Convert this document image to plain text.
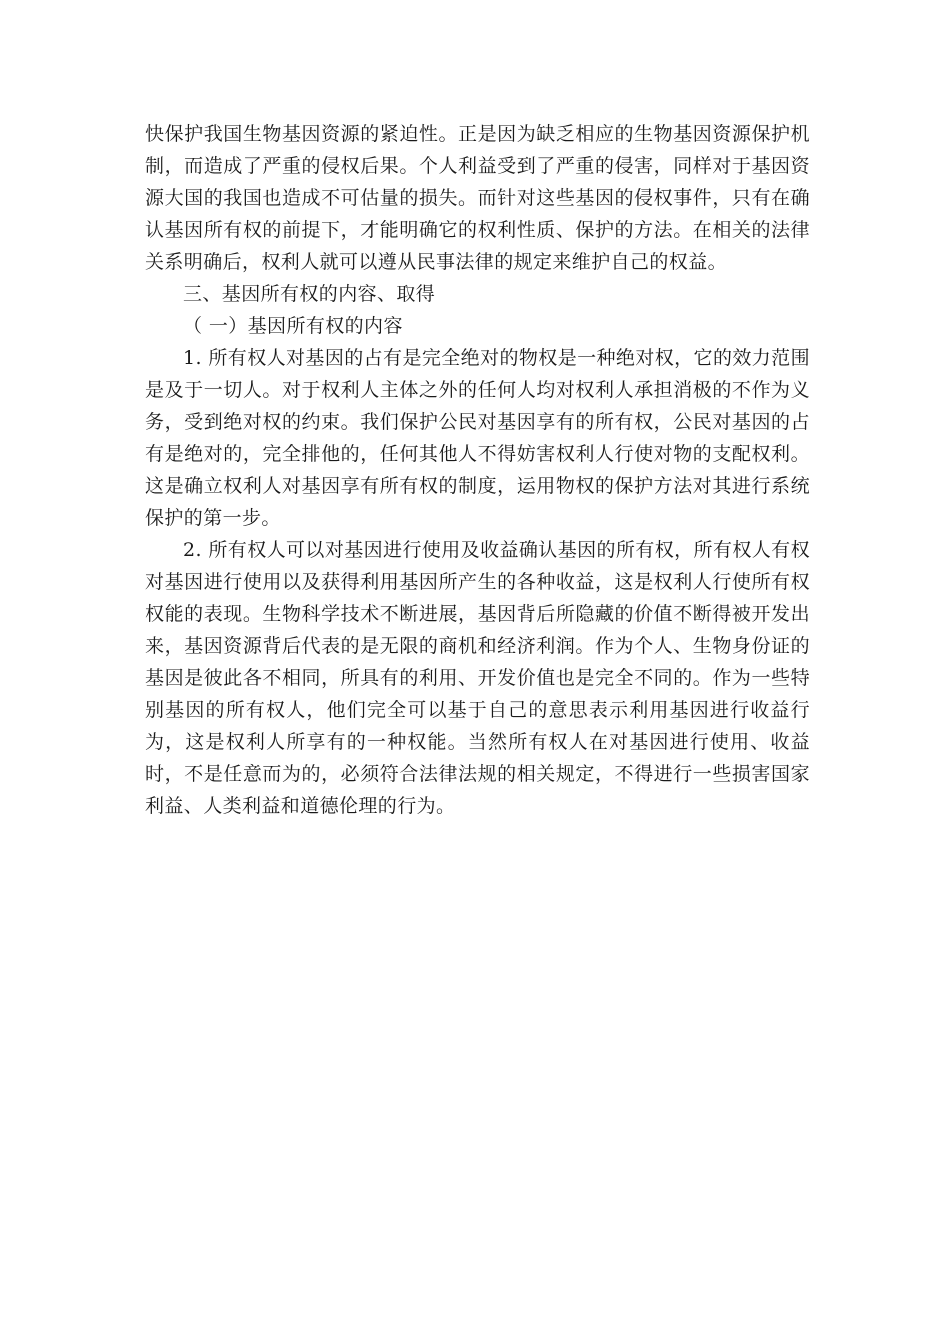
快保护我国生物基因资源的紧迫性。正是因为缺乏相应的生物基因资源保护机制，而造成了严重的侵权后果。个人利益受到了严重的侵害，同样对于基因资源大国的我国也造成不可估量的损失。而针对这些基因的侵权事件，只有在确认基因所有权的前提下，才能明确它的权利性质、保护的方法。在相关的法律关系明确后，权利人就可以遵从民事法律的规定来维护自己的权益。

三、基因所有权的内容、取得

（ 一）基因所有权的内容

1. 所有权人对基因的占有是完全绝对的物权是一种绝对权，它的效力范围是及于一切人。对于权利人主体之外的任何人均对权利人承担消极的不作为义务，受到绝对权的约束。我们保护公民对基因享有的所有权，公民对基因的占有是绝对的，完全排他的，任何其他人不得妨害权利人行使对物的支配权利。这是确立权利人对基因享有所有权的制度，运用物权的保护方法对其进行系统保护的第一步。

2. 所有权人可以对基因进行使用及收益确认基因的所有权，所有权人有权对基因进行使用以及获得利用基因所产生的各种收益，这是权利人行使所有权权能的表现。生物科学技术不断进展，基因背后所隐藏的价值不断得被开发出来，基因资源背后代表的是无限的商机和经济利润。作为个人、生物身份证的基因是彼此各不相同，所具有的利用、开发价值也是完全不同的。作为一些特别基因的所有权人，他们完全可以基于自己的意思表示利用基因进行收益行为，这是权利人所享有的一种权能。当然所有权人在对基因进行使用、收益时，不是任意而为的，必须符合法律法规的相关规定，不得进行一些损害国家利益、人类利益和道德伦理的行为。
